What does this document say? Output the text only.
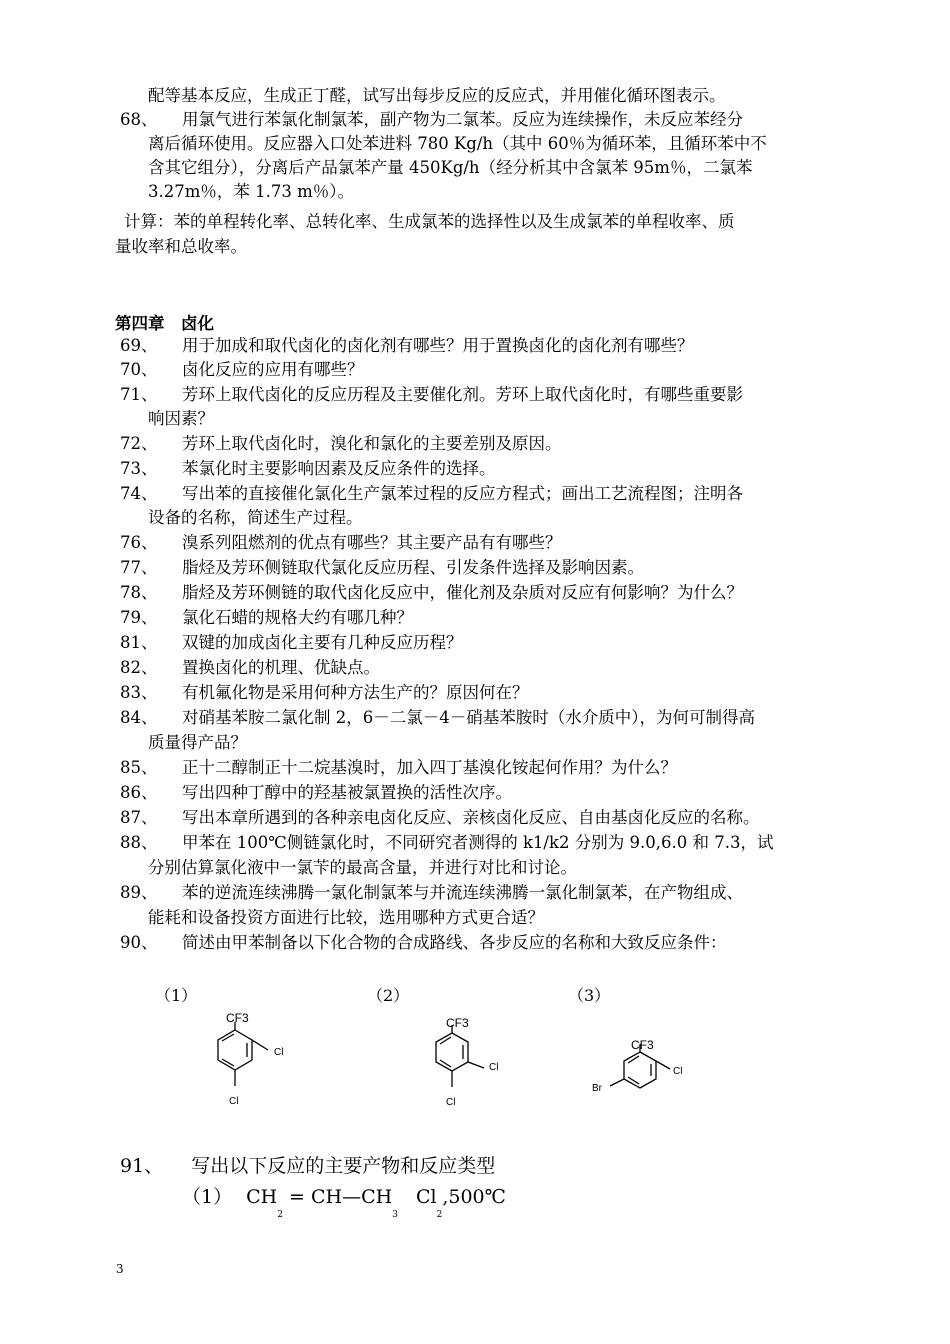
配等基本反应，生成正丁醛，试写出每步反应的反应式，并用催化循环图表示。
68、 用氯气进行苯氯化制氯苯，副产物为二氯苯。反应为连续操作，未反应苯经分
离后循环使用。反应器入口处苯进料 780 Kg/h（其中 60％为循环苯，且循环苯中不
含其它组分），分离后产品氯苯产量 450Kg/h（经分析其中含氯苯 95m％，二氯苯
3.27m％，苯 1.73 m％）。
计算：苯的单程转化率、总转化率、生成氯苯的选择性以及生成氯苯的单程收率、质
量收率和总收率。
第四章　卤化
69、 用于加成和取代卤化的卤化剂有哪些？用于置换卤化的卤化剂有哪些？
70、 卤化反应的应用有哪些？
71、 芳环上取代卤化的反应历程及主要催化剂。芳环上取代卤化时，有哪些重要影
响因素？
72、 芳环上取代卤化时，溴化和氯化的主要差别及原因。
73、 苯氯化时主要影响因素及反应条件的选择。
74、 写出苯的直接催化氯化生产氯苯过程的反应方程式；画出工艺流程图；注明各
设备的名称，简述生产过程。
76、 溴系列阻燃剂的优点有哪些？其主要产品有有哪些？
77、 脂烃及芳环侧链取代氯化反应历程、引发条件选择及影响因素。
78、 脂烃及芳环侧链的取代卤化反应中，催化剂及杂质对反应有何影响？为什么？
79、 氯化石蜡的规格大约有哪几种？
81、 双键的加成卤化主要有几种反应历程？
82、 置换卤化的机理、优缺点。
83、 有机氟化物是采用何种方法生产的？原因何在？
84、 对硝基苯胺二氯化制 2，6－二氯－4－硝基苯胺时（水介质中），为何可制得高
质量得产品？
85、 正十二醇制正十二烷基溴时，加入四丁基溴化铵起何作用？为什么？
86、 写出四种丁醇中的羟基被氯置换的活性次序。
87、 写出本章所遇到的各种亲电卤化反应、亲核卤化反应、自由基卤化反应的名称。
88、 甲苯在 100℃侧链氯化时，不同研究者测得的 k1/k2 分别为 9.0,6.0 和 7.3，试
分别估算氯化液中一氯苄的最高含量，并进行对比和讨论。
89、 苯的逆流连续沸腾一氯化制氯苯与并流连续沸腾一氯化制氯苯，在产物组成、
能耗和设备投资方面进行比较，选用哪种方式更合适？
90、 简述由甲苯制备以下化合物的合成路线、各步反应的名称和大致反应条件：
（1）	（2）	（3）
CF3
Cl
Cl
CF3
Cl
Cl
CF3
Cl
Br
91、 写出以下反应的主要产物和反应类型
（1） $CH_2$ = $CH—CH_3$ $Cl_2,500℃$
3
